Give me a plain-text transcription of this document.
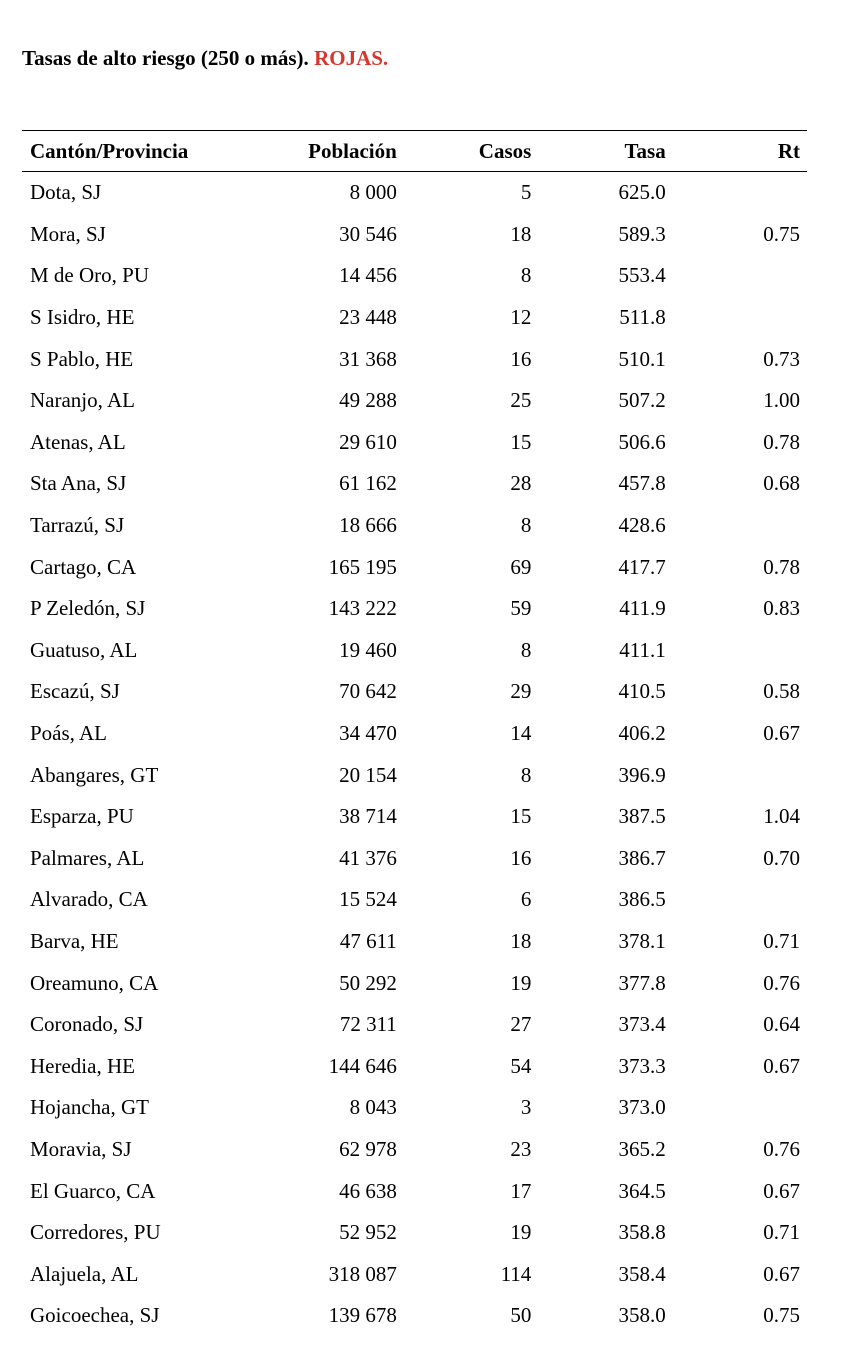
Tasas de alto riesgo (250 o más). ROJAS.
Cantón/Provincia	Población	Casos	Tasa	Rt
Dota, SJ	8 000	5	625.0	
Mora, SJ	30 546	18	589.3	0.75
M de Oro, PU	14 456	8	553.4	
S Isidro, HE	23 448	12	511.8	
S Pablo, HE	31 368	16	510.1	0.73
Naranjo, AL	49 288	25	507.2	1.00
Atenas, AL	29 610	15	506.6	0.78
Sta Ana, SJ	61 162	28	457.8	0.68
Tarrazú, SJ	18 666	8	428.6	
Cartago, CA	165 195	69	417.7	0.78
P Zeledón, SJ	143 222	59	411.9	0.83
Guatuso, AL	19 460	8	411.1	
Escazú, SJ	70 642	29	410.5	0.58
Poás, AL	34 470	14	406.2	0.67
Abangares, GT	20 154	8	396.9	
Esparza, PU	38 714	15	387.5	1.04
Palmares, AL	41 376	16	386.7	0.70
Alvarado, CA	15 524	6	386.5	
Barva, HE	47 611	18	378.1	0.71
Oreamuno, CA	50 292	19	377.8	0.76
Coronado, SJ	72 311	27	373.4	0.64
Heredia, HE	144 646	54	373.3	0.67
Hojancha, GT	8 043	3	373.0	
Moravia, SJ	62 978	23	365.2	0.76
El Guarco, CA	46 638	17	364.5	0.67
Corredores, PU	52 952	19	358.8	0.71
Alajuela, AL	318 087	114	358.4	0.67
Goicoechea, SJ	139 678	50	358.0	0.75
